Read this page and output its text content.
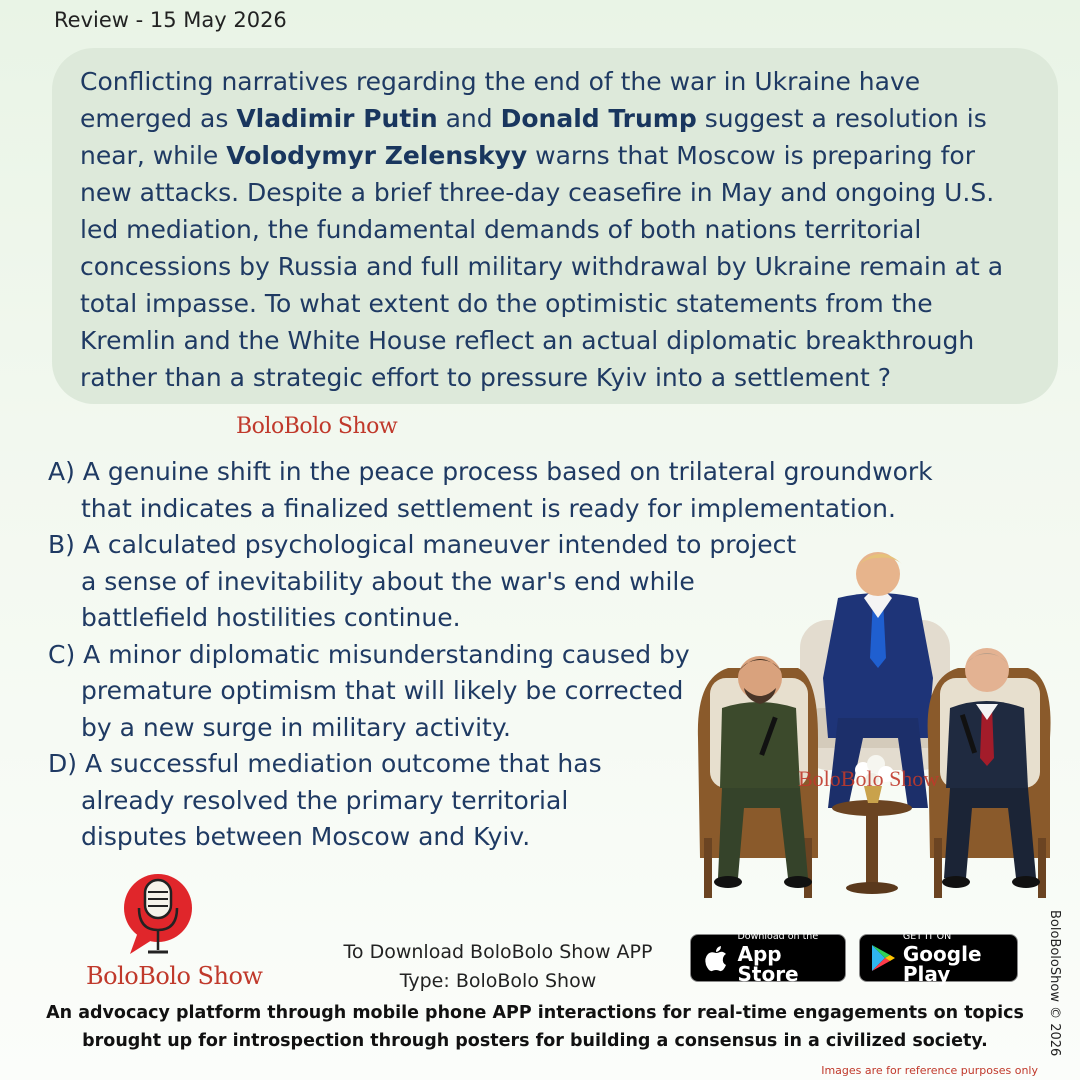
Review - 15 May 2026

Conflicting narratives regarding the end of the war in Ukraine have emerged as Vladimir Putin and Donald Trump suggest a resolution is near, while Volodymyr Zelenskyy warns that Moscow is preparing for new attacks. Despite a brief three-day ceasefire in May and ongoing U.S. led mediation, the fundamental demands of both nations territorial concessions by Russia and full military withdrawal by Ukraine remain at a total impasse. To what extent do the optimistic statements from the Kremlin and the White House reflect an actual diplomatic breakthrough rather than a strategic effort to pressure Kyiv into a settlement ?

BoloBolo Show
A) A genuine shift in the peace process based on trilateral groundwork
that indicates a finalized settlement is ready for implementation.
B) A calculated psychological maneuver intended to project
a sense of inevitability about the war's end while
battlefield hostilities continue.
C) A minor diplomatic misunderstanding caused by
premature optimism that will likely be corrected
by a new surge in military activity.
D) A successful mediation outcome that has
already resolved the primary territorial
disputes between Moscow and Kyiv.
BoloBolo Show
BoloBolo Show
To Download BoloBolo Show APP
Type: BoloBolo Show
Download on the
App Store
GET IT ON
Google Play
An advocacy platform through mobile phone APP interactions for real-time engagements on topics
brought up for introspection through posters for building a consensus in a civilized society.	BoloBoloShow © 2026
Images are for reference purposes only
